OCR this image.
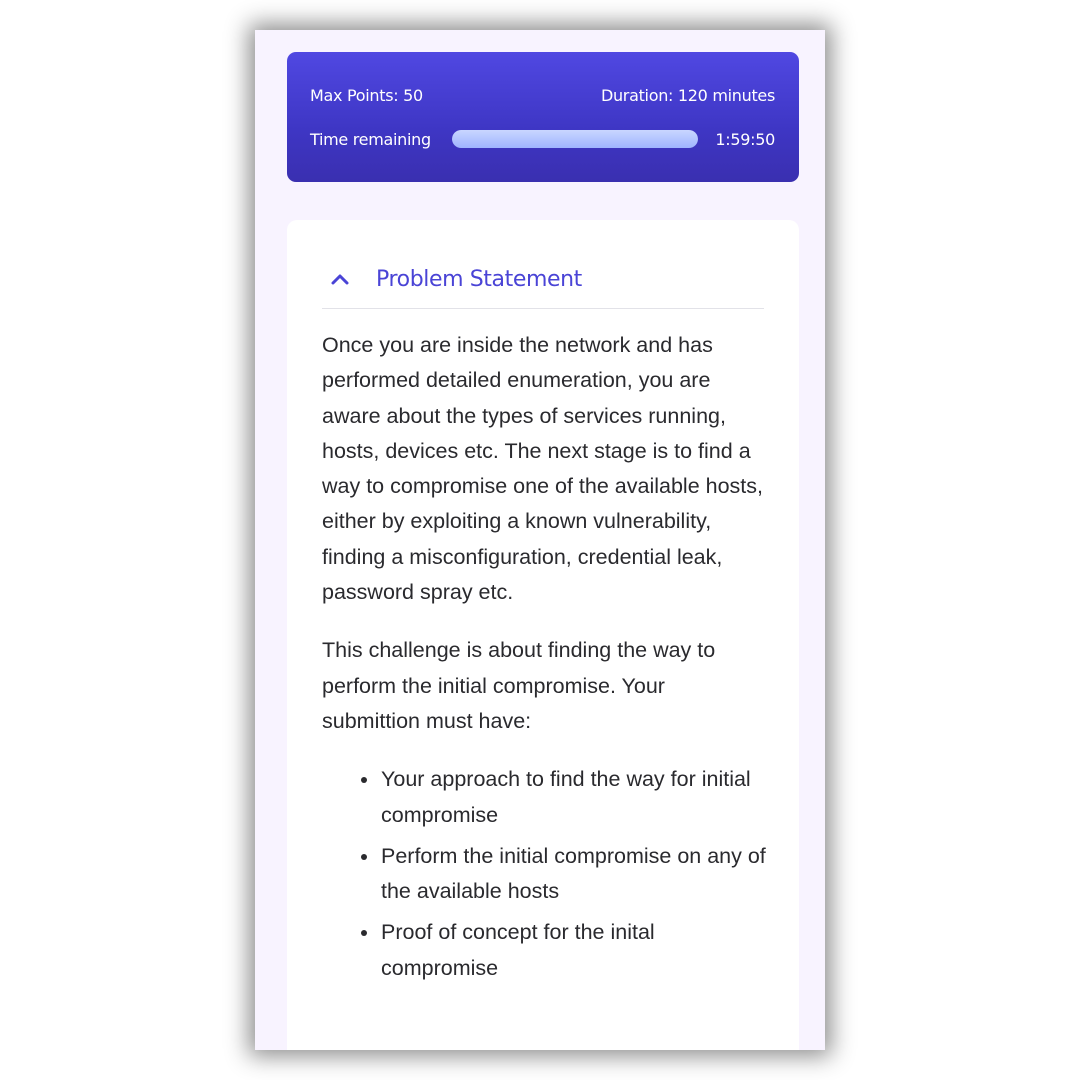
Max Points: 50	Duration: 120 minutes
Time remaining	1:59:50
Problem Statement

Once you are inside the network and has performed detailed enumeration, you are aware about the types of services running, hosts, devices etc. The next stage is to find a way to compromise one of the available hosts, either by exploiting a known vulnerability, finding a misconfiguration, credential leak, password spray etc.

This challenge is about finding the way to perform the initial compromise. Your submittion must have:

Your approach to find the way for initial compromise
Perform the initial compromise on any of the available hosts
Proof of concept for the inital compromise
